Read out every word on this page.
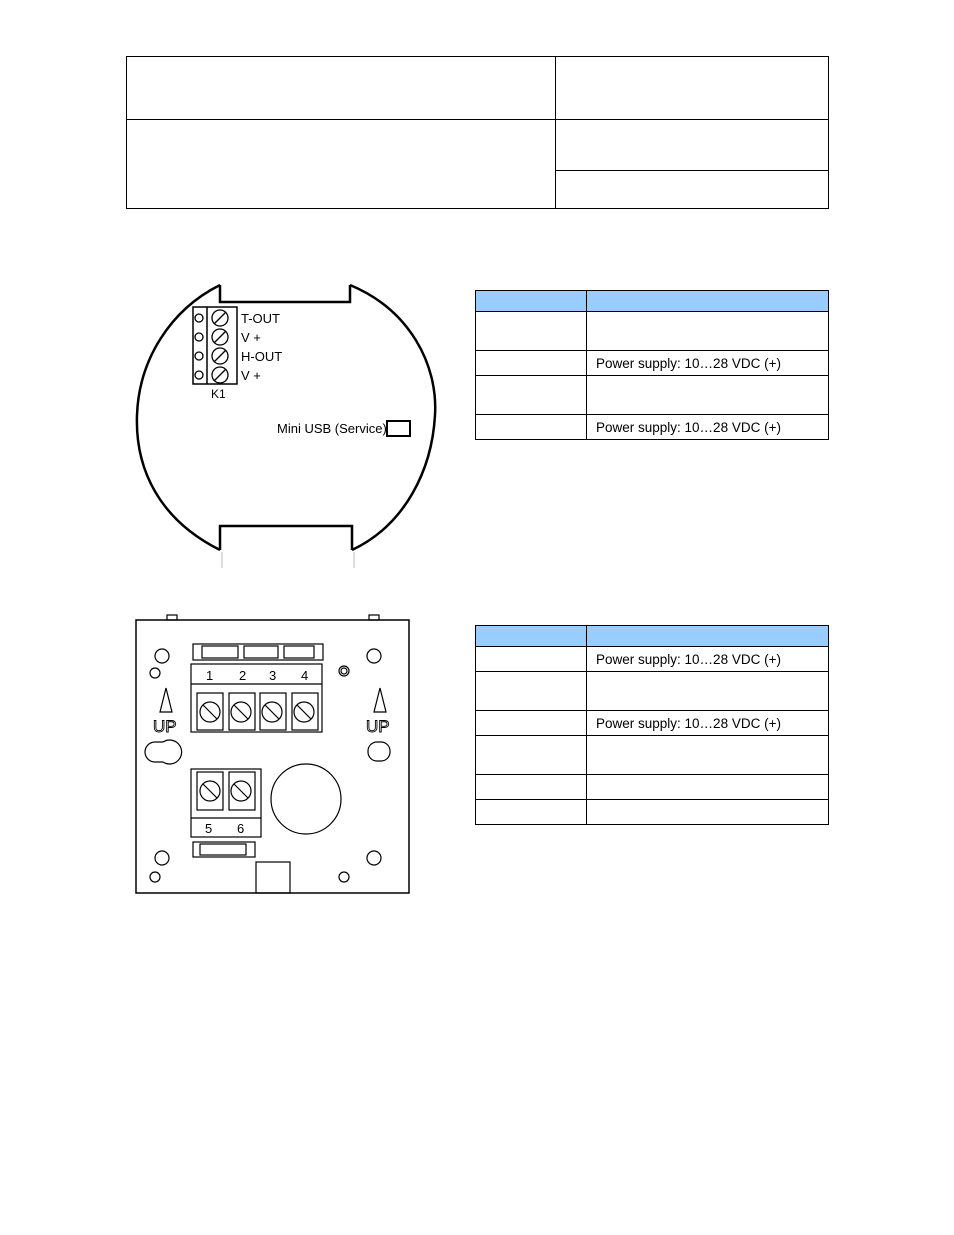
T-OUT
V +
H-OUT
V +
K1
Mini USB (Service)
UP	UP
1 2 3 4
5 6

	Power supply: 10…28 VDC (+)

	Power supply: 10…28 VDC (+)

	Power supply: 10…28 VDC (+)

	Power supply: 10…28 VDC (+)
